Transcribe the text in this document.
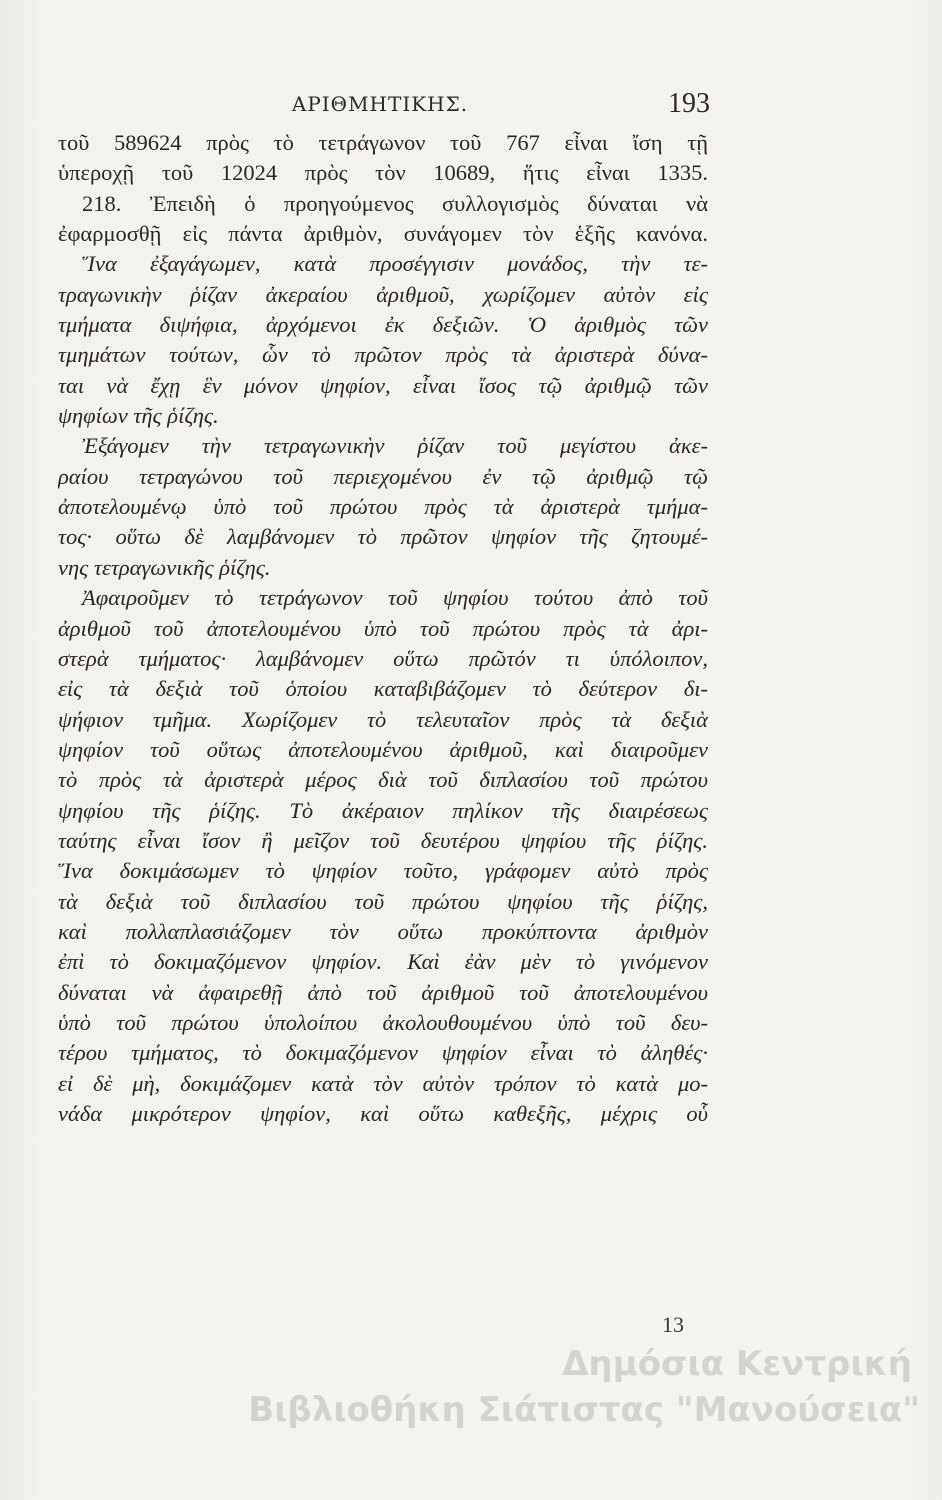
ΑΡΙΘΜΗΤΙΚΗΣ.	193
τοῦ 589624 πρὸς τὸ τετράγωνον τοῦ 767 εἶναι ἴση τῇ
ὑπεροχῇ τοῦ 12024 πρὸς τὸν 10689, ἥτις εἶναι 1335.
218. Ἐπειδὴ ὁ προηγούμενος συλλογισμὸς δύναται νὰ
ἐφαρμοσθῇ εἰς πάντα ἀριθμὸν, συνάγομεν τὸν ἑξῆς κανόνα.
Ἵνα ἐξαγάγωμεν, κατὰ προσέγγισιν μονάδος, τὴν τε-
τραγωνικὴν ῥίζαν ἀκεραίου ἀριθμοῦ, χωρίζομεν αὐτὸν εἰς
τμήματα διψήφια, ἀρχόμενοι ἐκ δεξιῶν. Ὁ ἀριθμὸς τῶν
τμημάτων τούτων, ὧν τὸ πρῶτον πρὸς τὰ ἀριστερὰ δύνα-
ται νὰ ἔχῃ ἓν μόνον ψηφίον, εἶναι ἴσος τῷ ἀριθμῷ τῶν
ψηφίων τῆς ῥίζης.
Ἐξάγομεν τὴν τετραγωνικὴν ῥίζαν τοῦ μεγίστου ἀκε-
ραίου τετραγώνου τοῦ περιεχομένου ἐν τῷ ἀριθμῷ τῷ
ἀποτελουμένῳ ὑπὸ τοῦ πρώτου πρὸς τὰ ἀριστερὰ τμήμα-
τος· οὕτω δὲ λαμβάνομεν τὸ πρῶτον ψηφίον τῆς ζητουμέ-
νης τετραγωνικῆς ῥίζης.
Ἀφαιροῦμεν τὸ τετράγωνον τοῦ ψηφίου τούτου ἀπὸ τοῦ
ἀριθμοῦ τοῦ ἀποτελουμένου ὑπὸ τοῦ πρώτου πρὸς τὰ ἀρι-
στερὰ τμήματος· λαμβάνομεν οὕτω πρῶτόν τι ὑπόλοιπον,
εἰς τὰ δεξιὰ τοῦ ὁποίου καταβιβάζομεν τὸ δεύτερον δι-
ψήφιον τμῆμα. Χωρίζομεν τὸ τελευταῖον πρὸς τὰ δεξιὰ
ψηφίον τοῦ οὕτως ἀποτελουμένου ἀριθμοῦ, καὶ διαιροῦμεν
τὸ πρὸς τὰ ἀριστερὰ μέρος διὰ τοῦ διπλασίου τοῦ πρώτου
ψηφίου τῆς ῥίζης. Τὸ ἀκέραιον πηλίκον τῆς διαιρέσεως
ταύτης εἶναι ἴσον ἢ μεῖζον τοῦ δευτέρου ψηφίου τῆς ῥίζης.
Ἵνα δοκιμάσωμεν τὸ ψηφίον τοῦτο, γράφομεν αὐτὸ πρὸς
τὰ δεξιὰ τοῦ διπλασίου τοῦ πρώτου ψηφίου τῆς ῥίζης,
καὶ πολλαπλασιάζομεν τὸν οὕτω προκύπτοντα ἀριθμὸν
ἐπὶ τὸ δοκιμαζόμενον ψηφίον. Καὶ ἐὰν μὲν τὸ γινόμενον
δύναται νὰ ἀφαιρεθῇ ἀπὸ τοῦ ἀριθμοῦ τοῦ ἀποτελουμένου
ὑπὸ τοῦ πρώτου ὑπολοίπου ἀκολουθουμένου ὑπὸ τοῦ δευ-
τέρου τμήματος, τὸ δοκιμαζόμενον ψηφίον εἶναι τὸ ἀληθές·
εἰ δὲ μὴ, δοκιμάζομεν κατὰ τὸν αὐτὸν τρόπον τὸ κατὰ μο-
νάδα μικρότερον ψηφίον, καὶ οὕτω καθεξῆς, μέχρις οὗ
13
Δημόσια Κεντρική
Βιβλιοθήκη Σιάτιστας "Μανούσεια"
